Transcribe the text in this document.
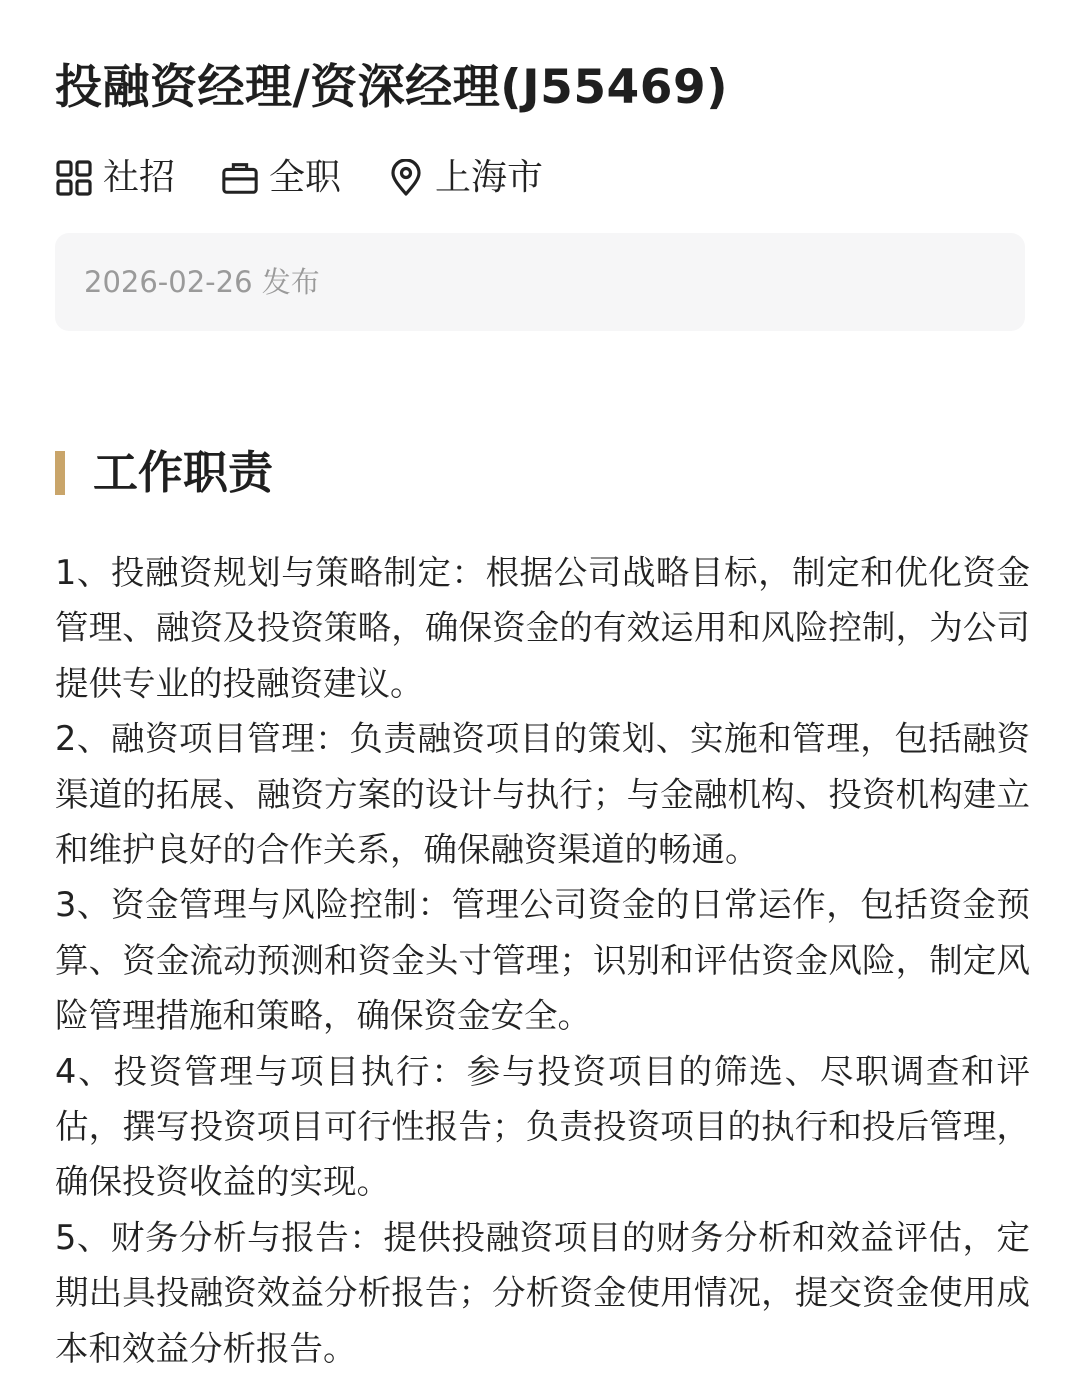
投融资经理/资深经理(J55469)
社招	全职	上海市
2026-02-26 发布
工作职责
1、投融资规划与策略制定：根据公司战略目标，制定和优化资金管理、融资及投资策略，确保资金的有效运用和风险控制，为公司提供专业的投融资建议。
2、融资项目管理：负责融资项目的策划、实施和管理，包括融资渠道的拓展、融资方案的设计与执行；与金融机构、投资机构建立和维护良好的合作关系，确保融资渠道的畅通。
3、资金管理与风险控制：管理公司资金的日常运作，包括资金预算、资金流动预测和资金头寸管理；识别和评估资金风险，制定风险管理措施和策略，确保资金安全。
4、投资管理与项目执行：参与投资项目的筛选、尽职调查和评估，撰写投资项目可行性报告；负责投资项目的执行和投后管理，确保投资收益的实现。
5、财务分析与报告：提供投融资项目的财务分析和效益评估，定期出具投融资效益分析报告；分析资金使用情况，提交资金使用成本和效益分析报告。
